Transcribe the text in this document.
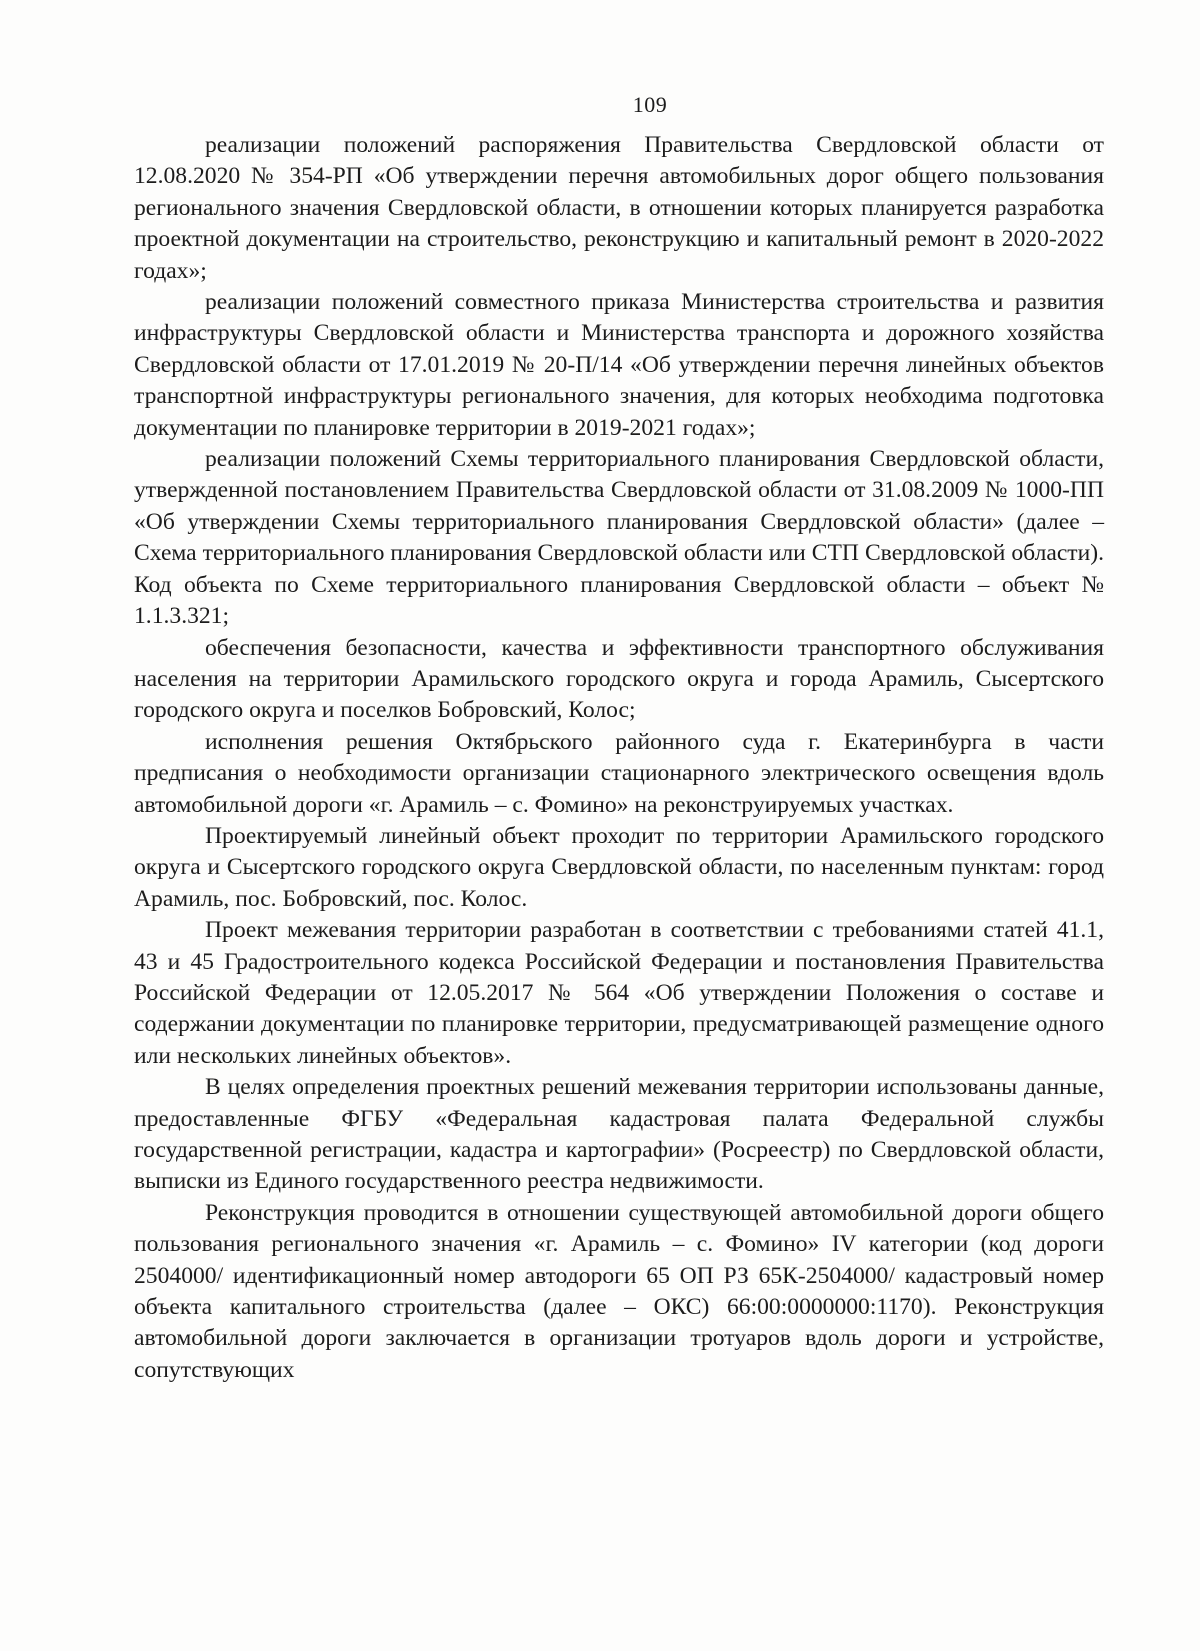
109

реализации положений распоряжения Правительства Свердловской области от 12.08.2020 № 354-РП «Об утверждении перечня автомобильных дорог общего пользования регионального значения Свердловской области, в отношении которых планируется разработка проектной документации на строительство, реконструкцию и капитальный ремонт в 2020-2022 годах»;

реализации положений совместного приказа Министерства строительства и развития инфраструктуры Свердловской области и Министерства транспорта и дорожного хозяйства Свердловской области от 17.01.2019 № 20-П/14 «Об утверждении перечня линейных объектов транспортной инфраструктуры регионального значения, для которых необходима подготовка документации по планировке территории в 2019-2021 годах»;

реализации положений Схемы территориального планирования Свердловской области, утвержденной постановлением Правительства Свердловской области от 31.08.2009 № 1000-ПП «Об утверждении Схемы территориального планирования Свердловской области» (далее – Схема территориального планирования Свердловской области или СТП Свердловской области). Код объекта по Схеме территориального планирования Свердловской области – объект № 1.1.3.321;

обеспечения безопасности, качества и эффективности транспортного обслуживания населения на территории Арамильского городского округа и города Арамиль, Сысертского городского округа и поселков Бобровский, Колос;

исполнения решения Октябрьского районного суда г. Екатеринбурга в части предписания о необходимости организации стационарного электрического освещения вдоль автомобильной дороги «г. Арамиль – с. Фомино» на реконструируемых участках.

Проектируемый линейный объект проходит по территории Арамильского городского округа и Сысертского городского округа Свердловской области, по населенным пунктам: город Арамиль, пос. Бобровский, пос. Колос.

Проект межевания территории разработан в соответствии с требованиями статей 41.1, 43 и 45 Градостроительного кодекса Российской Федерации и постановления Правительства Российской Федерации от 12.05.2017 № 564 «Об утверждении Положения о составе и содержании документации по планировке территории, предусматривающей размещение одного или нескольких линейных объектов».

В целях определения проектных решений межевания территории использованы данные, предоставленные ФГБУ «Федеральная кадастровая палата Федеральной службы государственной регистрации, кадастра и картографии» (Росреестр) по Свердловской области, выписки из Единого государственного реестра недвижимости.

Реконструкция проводится в отношении существующей автомобильной дороги общего пользования регионального значения «г. Арамиль – с. Фомино» IV категории (код дороги 2504000/ идентификационный номер автодороги 65 ОП РЗ 65К-2504000/ кадастровый номер объекта капитального строительства (далее – ОКС) 66:00:0000000:1170). Реконструкция автомобильной дороги заключается в организации тротуаров вдоль дороги и устройстве, сопутствующих
